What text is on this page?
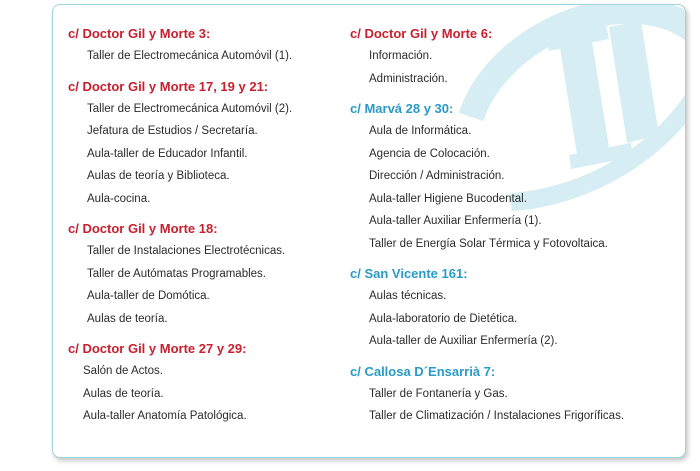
c/ Doctor Gil y Morte 3:
Taller de Electromecánica Automóvil (1).
c/ Doctor Gil y Morte 17, 19 y 21:
Taller de Electromecánica Automóvil (2).
Jefatura de Estudios / Secretaría.
Aula-taller de Educador Infantil.
Aulas de teoría y Biblioteca.
Aula-cocina.
c/ Doctor Gil y Morte 18:
Taller de Instalaciones Electrotécnicas.
Taller de Autómatas Programables.
Aula-taller de Domótica.
Aulas de teoría.
c/ Doctor Gil y Morte 27 y 29:
Salón de Actos.
Aulas de teoría.
Aula-taller Anatomía Patológica.
c/ Doctor Gil y Morte 6:
Información.
Administración.
c/ Marvá 28 y 30:
Aula de Informática.
Agencia de Colocación.
Dirección / Administración.
Aula-taller Higiene Bucodental.
Aula-taller Auxiliar Enfermería (1).
Taller de Energía Solar Térmica y Fotovoltaica.
c/ San Vicente 161:
Aulas técnicas.
Aula-laboratorio de Dietética.
Aula-taller de Auxiliar Enfermería (2).
c/ Callosa D´Ensarrià 7:
Taller de Fontanería y Gas.
Taller de Climatización / Instalaciones Frigoríficas.
